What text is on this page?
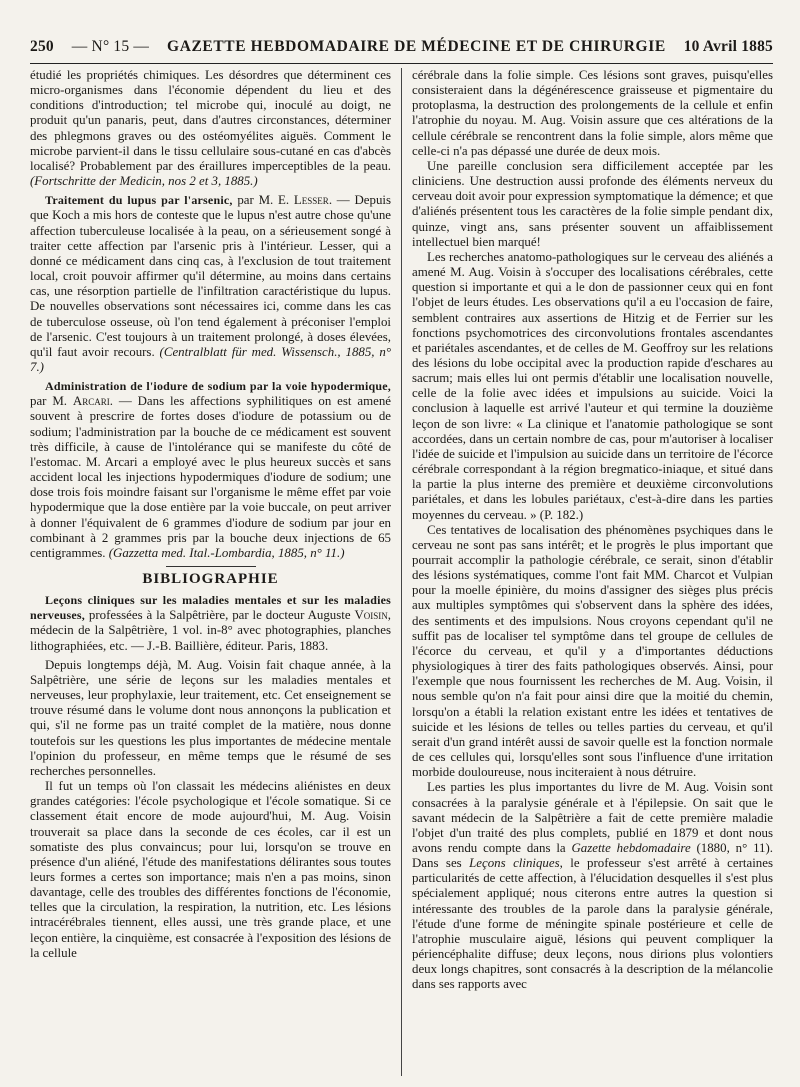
250 — N° 15 — GAZETTE HEBDOMADAIRE DE MÉDECINE ET DE CHIRURGIE 10 Avril 1885

étudié les propriétés chimiques. Les désordres que déterminent ces micro-organismes dans l'économie dépendent du lieu et des conditions d'introduction; tel microbe qui, inoculé au doigt, ne produit qu'un panaris, peut, dans d'autres circonstances, déterminer des phlegmons graves ou des ostéomyélites aiguës. Comment le microbe parvient-il dans le tissu cellulaire sous-cutané en cas d'abcès localisé? Probablement par des éraillures imperceptibles de la peau. (Fortschritte der Medicin, nos 2 et 3, 1885.)

Traitement du lupus par l'arsenic, par M. E. Lesser. — Depuis que Koch a mis hors de conteste que le lupus n'est autre chose qu'une affection tuberculeuse localisée à la peau, on a sérieusement songé à traiter cette affection par l'arsenic pris à l'intérieur. Lesser, qui a donné ce médicament dans cinq cas, à l'exclusion de tout traitement local, croit pouvoir affirmer qu'il détermine, au moins dans certains cas, une résorption partielle de l'infiltration caractéristique du lupus. De nouvelles observations sont nécessaires ici, comme dans les cas de tuberculose osseuse, où l'on tend également à préconiser l'emploi de l'arsenic. C'est toujours à un traitement prolongé, à doses élevées, qu'il faut avoir recours. (Centralblatt für med. Wissensch., 1885, n° 7.)

Administration de l'iodure de sodium par la voie hypodermique, par M. Arcari. — Dans les affections syphilitiques on est amené souvent à prescrire de fortes doses d'iodure de potassium ou de sodium; l'administration par la bouche de ce médicament est souvent très difficile, à cause de l'intolérance qui se manifeste du côté de l'estomac. M. Arcari a employé avec le plus heureux succès et sans accident local les injections hypodermiques d'iodure de sodium; une dose trois fois moindre faisant sur l'organisme le même effet par voie hypodermique que la dose entière par la voie buccale, on peut arriver à donner l'équivalent de 6 grammes d'iodure de sodium par jour en combinant à 2 grammes pris par la bouche deux injections de 65 centigrammes. (Gazzetta med. Ital.-Lombardia, 1885, n° 11.)

BIBLIOGRAPHIE

Leçons cliniques sur les maladies mentales et sur les maladies nerveuses, professées à la Salpêtrière, par le docteur Auguste Voisin, médecin de la Salpêtrière, 1 vol. in-8° avec photographies, planches lithographiées, etc. — J.-B. Baillière, éditeur. Paris, 1883.

Depuis longtemps déjà, M. Aug. Voisin fait chaque année, à la Salpêtrière, une série de leçons sur les maladies mentales et nerveuses, leur prophylaxie, leur traitement, etc. Cet enseignement se trouve résumé dans le volume dont nous annonçons la publication et qui, s'il ne forme pas un traité complet de la matière, nous donne toutefois sur les questions les plus importantes de médecine mentale l'opinion du professeur, en même temps que le résumé de ses recherches personnelles.

Il fut un temps où l'on classait les médecins aliénistes en deux grandes catégories: l'école psychologique et l'école somatique. Si ce classement était encore de mode aujourd'hui, M. Aug. Voisin trouverait sa place dans la seconde de ces écoles, car il est un somatiste des plus convaincus; pour lui, lorsqu'on se trouve en présence d'un aliéné, l'étude des manifestations délirantes sous toutes leurs formes a certes son importance; mais n'en a pas moins, sinon davantage, celle des troubles des différentes fonctions de l'économie, telles que la circulation, la respiration, la nutrition, etc. Les lésions intracérébrales tiennent, elles aussi, une très grande place, et une leçon entière, la cinquième, est consacrée à l'exposition des lésions de la cellule

cérébrale dans la folie simple. Ces lésions sont graves, puisqu'elles consisteraient dans la dégénérescence graisseuse et pigmentaire du protoplasma, la destruction des prolongements de la cellule et enfin l'atrophie du noyau. M. Aug. Voisin assure que ces altérations de la cellule cérébrale se rencontrent dans la folie simple, alors même que celle-ci n'a pas dépassé une durée de deux mois.

Une pareille conclusion sera difficilement acceptée par les cliniciens. Une destruction aussi profonde des éléments nerveux du cerveau doit avoir pour expression symptomatique la démence; et que d'aliénés présentent tous les caractères de la folie simple pendant dix, quinze, vingt ans, sans présenter souvent un affaiblissement intellectuel bien marqué!

Les recherches anatomo-pathologiques sur le cerveau des aliénés a amené M. Aug. Voisin à s'occuper des localisations cérébrales, cette question si importante et qui a le don de passionner ceux qui en font l'objet de leurs études. Les observations qu'il a eu l'occasion de faire, semblent contraires aux assertions de Hitzig et de Ferrier sur les fonctions psychomotrices des circonvolutions frontales ascendantes et pariétales ascendantes, et de celles de M. Geoffroy sur les relations des lésions du lobe occipital avec la production rapide d'eschares au sacrum; mais elles lui ont permis d'établir une localisation nouvelle, celle de la folie avec idées et impulsions au suicide. Voici la conclusion à laquelle est arrivé l'auteur et qui termine la douzième leçon de son livre: « La clinique et l'anatomie pathologique se sont accordées, dans un certain nombre de cas, pour m'autoriser à localiser l'idée de suicide et l'impulsion au suicide dans un territoire de l'écorce cérébrale correspondant à la région bregmatico-iniaque, et situé dans la partie la plus interne des première et deuxième circonvolutions pariétales, et dans les lobules pariétaux, c'est-à-dire dans les parties moyennes du cerveau. » (P. 182.)

Ces tentatives de localisation des phénomènes psychiques dans le cerveau ne sont pas sans intérêt; et le progrès le plus important que pourrait accomplir la pathologie cérébrale, ce serait, sinon d'établir des lésions systématiques, comme l'ont fait MM. Charcot et Vulpian pour la moelle épinière, du moins d'assigner des sièges plus précis aux multiples symptômes qui s'observent dans la sphère des idées, des sentiments et des impulsions. Nous croyons cependant qu'il ne suffit pas de localiser tel symptôme dans tel groupe de cellules de l'écorce du cerveau, et qu'il y a d'importantes déductions physiologiques à tirer des faits pathologiques observés. Ainsi, pour l'exemple que nous fournissent les recherches de M. Aug. Voisin, il nous semble qu'on n'a fait pour ainsi dire que la moitié du chemin, lorsqu'on a établi la relation existant entre les idées et tentatives de suicide et les lésions de telles ou telles parties du cerveau, et qu'il serait d'un grand intérêt aussi de savoir quelle est la fonction normale de ces cellules qui, lorsqu'elles sont sous l'influence d'une irritation morbide douloureuse, nous inciteraient à nous détruire.

Les parties les plus importantes du livre de M. Aug. Voisin sont consacrées à la paralysie générale et à l'épilepsie. On sait que le savant médecin de la Salpêtrière a fait de cette première maladie l'objet d'un traité des plus complets, publié en 1879 et dont nous avons rendu compte dans la Gazette hebdomadaire (1880, n° 11). Dans ses Leçons cliniques, le professeur s'est arrêté à certaines particularités de cette affection, à l'élucidation desquelles il s'est plus spécialement appliqué; nous citerons entre autres la question si intéressante des troubles de la parole dans la paralysie générale, l'étude d'une forme de méningite spinale postérieure et celle de l'atrophie musculaire aiguë, lésions qui peuvent compliquer la périencéphalite diffuse; deux leçons, nous dirions plus volontiers deux longs chapitres, sont consacrés à la description de la mélancolie dans ses rapports avec
